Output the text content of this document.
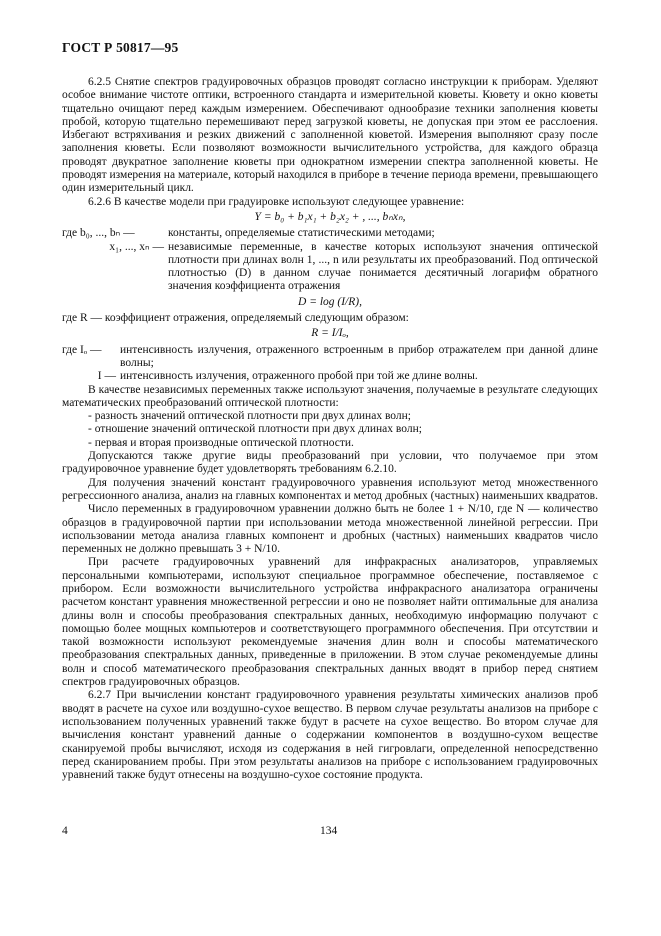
ГОСТ Р 50817—95

6.2.5 Снятие спектров градуировочных образцов проводят согласно инструкции к приборам. Уделяют особое внимание чистоте оптики, встроенного стандарта и измерительной кюветы. Кювету и окно кюветы тщательно очищают перед каждым измерением. Обеспечивают однообразие техники заполнения кюветы пробой, которую тщательно перемешивают перед загрузкой кюветы, не допуская при этом ее расслоения. Избегают встряхивания и резких движений с заполненной кюветой. Измерения выполняют сразу после заполнения кюветы. Если позволяют возможности вычислительного устройства, для каждого образца проводят двукратное заполнение кюветы при однократном измерении спектра заполненной кюветы. Не проводят измерения на материале, который находился в приборе в течение периода времени, превышающего один измерительный цикл.

6.2.6 В качестве модели при градуировке используют следующее уравнение:

Y = b₀ + b₁x₁ + b₂x₂ + , ..., bₙxₙ,
где b₀, ..., bₙ —	константы, определяемые статистическими методами;
x₁, ..., xₙ — независимые переменные, в качестве которых используют значения оптической плотности при длинах волн 1, ..., n или результаты их преобразований. Под оптической плотностью (D) в данном случае понимается десятичный логарифм обратного значения коэффициента отражения
D = log (I/R),

где R — коэффициент отражения, определяемый следующим образом:

R = I/Iₒ,
где Iₒ —	интенсивность излучения, отраженного встроенным в прибор отражателем при данной длине волны;
I — интенсивность излучения, отраженного пробой при той же длине волны.

В качестве независимых переменных также используют значения, получаемые в результате следующих математических преобразований оптической плотности:

- разность значений оптической плотности при двух длинах волн;

- отношение значений оптической плотности при двух длинах волн;

- первая и вторая производные оптической плотности.

Допускаются также другие виды преобразований при условии, что получаемое при этом градуировочное уравнение будет удовлетворять требованиям 6.2.10.

Для получения значений констант градуировочного уравнения используют метод множественного регрессионного анализа, анализ на главных компонентах и метод дробных (частных) наименьших квадратов.

Число переменных в градуировочном уравнении должно быть не более 1 + N/10, где N — количество образцов в градуировочной партии при использовании метода множественной линейной регрессии. При использовании метода анализа главных компонент и дробных (частных) наименьших квадратов число переменных не должно превышать 3 + N/10.

При расчете градуировочных уравнений для инфракрасных анализаторов, управляемых персональными компьютерами, используют специальное программное обеспечение, поставляемое с прибором. Если возможности вычислительного устройства инфракрасного анализатора ограничены расчетом констант уравнения множественной регрессии и оно не позволяет найти оптимальные для анализа длины волн и способы преобразования спектральных данных, необходимую информацию получают с помощью более мощных компьютеров и соответствующего программного обеспечения. При отсутствии и такой возможности используют рекомендуемые значения длин волн и способы математического преобразования спектральных данных, приведенные в приложении. В этом случае рекомендуемые длины волн и способ математического преобразования спектральных данных вводят в прибор перед снятием спектров градуировочных образцов.

6.2.7 При вычислении констант градуировочного уравнения результаты химических анализов проб вводят в расчете на сухое или воздушно-сухое вещество. В первом случае результаты анализов на приборе с использованием полученных уравнений также будут в расчете на сухое вещество. Во втором случае для вычисления констант уравнений данные о содержании компонентов в воздушно-сухом веществе сканируемой пробы вычисляют, исходя из содержания в ней гигровлаги, определенной непосредственно перед сканированием пробы. При этом результаты анализов на приборе с использованием градуировочных уравнений также будут отнесены на воздушно-сухое состояние продукта.

4	134
